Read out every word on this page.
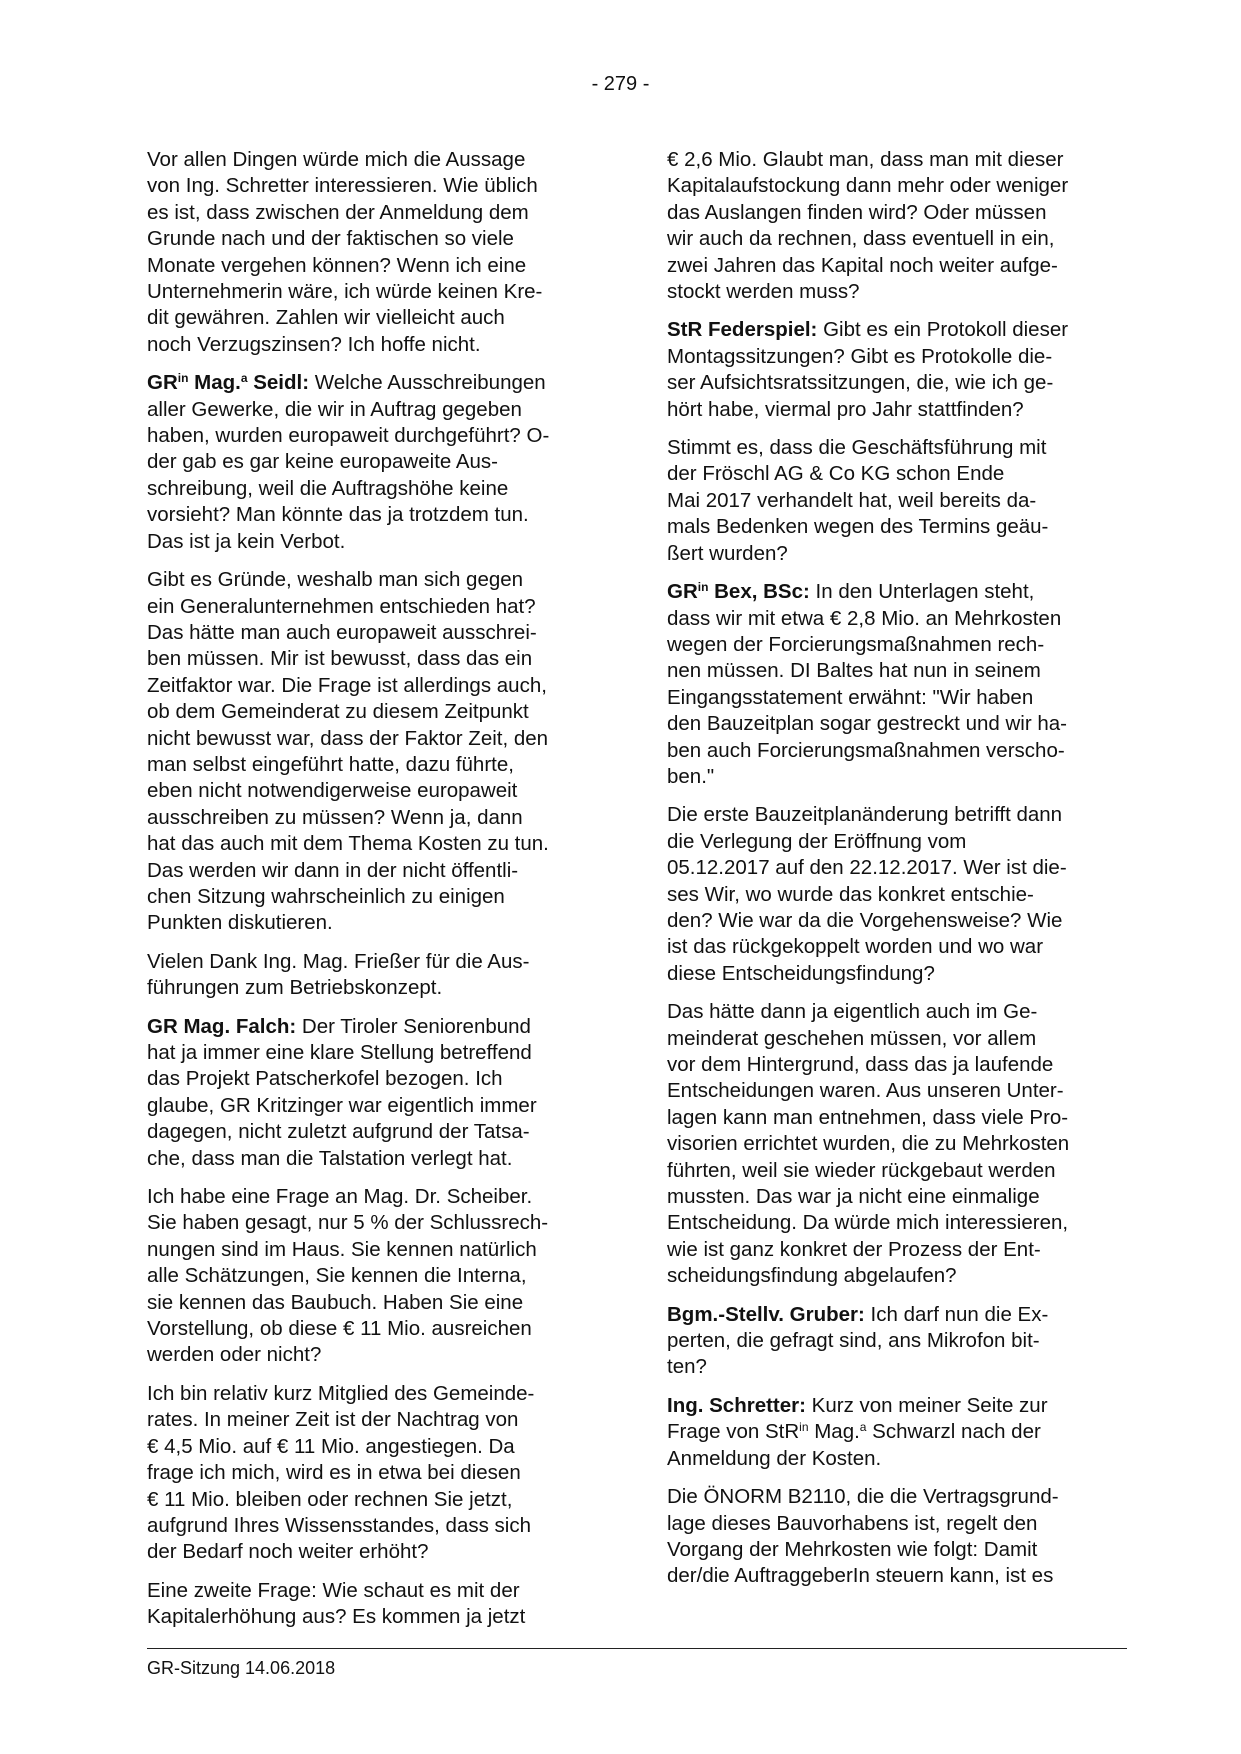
- 279 -

Vor allen Dingen würde mich die Aussage
von Ing. Schretter interessieren. Wie üblich
es ist, dass zwischen der Anmeldung dem
Grunde nach und der faktischen so viele
Monate vergehen können? Wenn ich eine
Unternehmerin wäre, ich würde keinen Kre-
dit gewähren. Zahlen wir vielleicht auch
noch Verzugszinsen? Ich hoffe nicht.

$GR^{in}$ Mag.$^a$ Seidl: Welche Ausschreibungen
aller Gewerke, die wir in Auftrag gegeben
haben, wurden europaweit durchgeführt? O-
der gab es gar keine europaweite Aus-
schreibung, weil die Auftragshöhe keine
vorsieht? Man könnte das ja trotzdem tun.
Das ist ja kein Verbot.

Gibt es Gründe, weshalb man sich gegen
ein Generalunternehmen entschieden hat?
Das hätte man auch europaweit ausschrei-
ben müssen. Mir ist bewusst, dass das ein
Zeitfaktor war. Die Frage ist allerdings auch,
ob dem Gemeinderat zu diesem Zeitpunkt
nicht bewusst war, dass der Faktor Zeit, den
man selbst eingeführt hatte, dazu führte,
eben nicht notwendigerweise europaweit
ausschreiben zu müssen? Wenn ja, dann
hat das auch mit dem Thema Kosten zu tun.
Das werden wir dann in der nicht öffentli-
chen Sitzung wahrscheinlich zu einigen
Punkten diskutieren.

Vielen Dank Ing. Mag. Frießer für die Aus-
führungen zum Betriebskonzept.

GR Mag. Falch: Der Tiroler Seniorenbund
hat ja immer eine klare Stellung betreffend
das Projekt Patscherkofel bezogen. Ich
glaube, GR Kritzinger war eigentlich immer
dagegen, nicht zuletzt aufgrund der Tatsa-
che, dass man die Talstation verlegt hat.

Ich habe eine Frage an Mag. Dr. Scheiber.
Sie haben gesagt, nur 5 % der Schlussrech-
nungen sind im Haus. Sie kennen natürlich
alle Schätzungen, Sie kennen die Interna,
sie kennen das Baubuch. Haben Sie eine
Vorstellung, ob diese € 11 Mio. ausreichen
werden oder nicht?

Ich bin relativ kurz Mitglied des Gemeinde-
rates. In meiner Zeit ist der Nachtrag von
€ 4,5 Mio. auf € 11 Mio. angestiegen. Da
frage ich mich, wird es in etwa bei diesen
€ 11 Mio. bleiben oder rechnen Sie jetzt,
aufgrund Ihres Wissensstandes, dass sich
der Bedarf noch weiter erhöht?

Eine zweite Frage: Wie schaut es mit der
Kapitalerhöhung aus? Es kommen ja jetzt

€ 2,6 Mio. Glaubt man, dass man mit dieser
Kapitalaufstockung dann mehr oder weniger
das Auslangen finden wird? Oder müssen
wir auch da rechnen, dass eventuell in ein,
zwei Jahren das Kapital noch weiter aufge-
stockt werden muss?

StR Federspiel: Gibt es ein Protokoll dieser
Montagssitzungen? Gibt es Protokolle die-
ser Aufsichtsratssitzungen, die, wie ich ge-
hört habe, viermal pro Jahr stattfinden?

Stimmt es, dass die Geschäftsführung mit
der Fröschl AG & Co KG schon Ende
Mai 2017 verhandelt hat, weil bereits da-
mals Bedenken wegen des Termins geäu-
ßert wurden?

$GR^{in}$ Bex, BSc: In den Unterlagen steht,
dass wir mit etwa € 2,8 Mio. an Mehrkosten
wegen der Forcierungsmaßnahmen rech-
nen müssen. DI Baltes hat nun in seinem
Eingangsstatement erwähnt: "Wir haben
den Bauzeitplan sogar gestreckt und wir ha-
ben auch Forcierungsmaßnahmen verscho-
ben."

Die erste Bauzeitplanänderung betrifft dann
die Verlegung der Eröffnung vom
05.12.2017 auf den 22.12.2017. Wer ist die-
ses Wir, wo wurde das konkret entschie-
den? Wie war da die Vorgehensweise? Wie
ist das rückgekoppelt worden und wo war
diese Entscheidungsfindung?

Das hätte dann ja eigentlich auch im Ge-
meinderat geschehen müssen, vor allem
vor dem Hintergrund, dass das ja laufende
Entscheidungen waren. Aus unseren Unter-
lagen kann man entnehmen, dass viele Pro-
visorien errichtet wurden, die zu Mehrkosten
führten, weil sie wieder rückgebaut werden
mussten. Das war ja nicht eine einmalige
Entscheidung. Da würde mich interessieren,
wie ist ganz konkret der Prozess der Ent-
scheidungsfindung abgelaufen?

Bgm.-Stellv. Gruber: Ich darf nun die Ex-
perten, die gefragt sind, ans Mikrofon bit-
ten?

Ing. Schretter: Kurz von meiner Seite zur
Frage von StR$^{in}$ Mag.$^a$ Schwarzl nach der
Anmeldung der Kosten.

Die ÖNORM B2110, die die Vertragsgrund-
lage dieses Bauvorhabens ist, regelt den
Vorgang der Mehrkosten wie folgt: Damit
der/die AuftraggeberIn steuern kann, ist es

GR-Sitzung 14.06.2018
